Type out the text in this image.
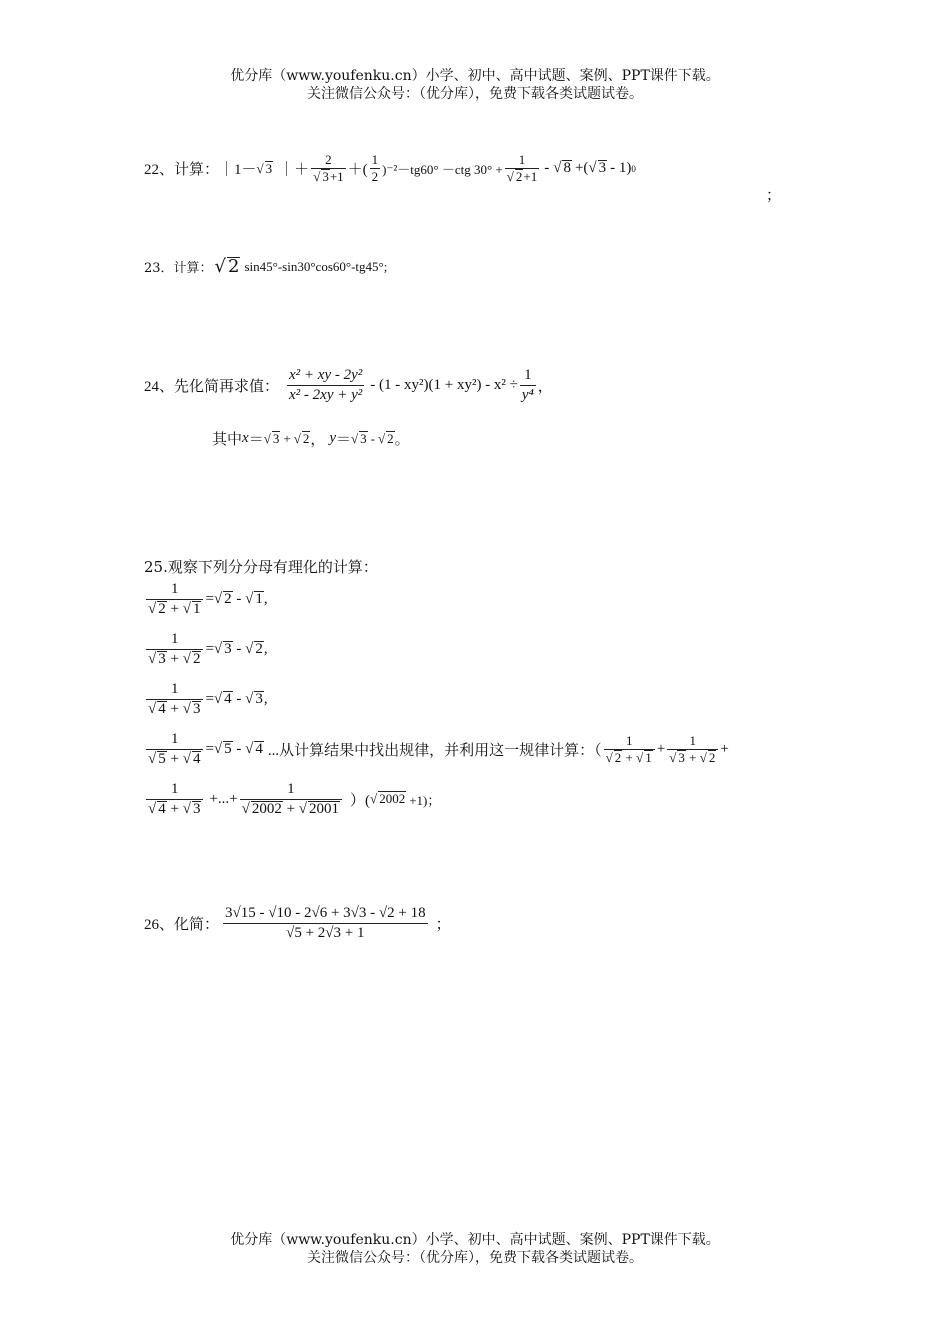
优分库（www.youfenku.cn）小学、初中、高中试题、案例、PPT课件下载。
关注微信公众号：（优分库），免费下载各类试题试卷。
22、计算： ｜1－ √ 3 ｜＋ $\frac{2}{√ 3+1}$ ＋( $\frac{1}{2} )^{-2}-tg60^\circ -ctg$ $30^\circ + \frac{1}{√ 2+1}$ - √ 8 +( √ 3 - 1) 0
；
23．计算： √ 2 sin45°-sin30°cos60°-tg45°;
24、先化简再求值： $\frac{\text{x² + xy - 2y²}}{\text{x² - 2xy + y²}} - (1 - xy^2)(1 + xy^2) - x^2 \div \frac{1}{\text{y⁴}}$ ，
其中 x ＝ √ 3 + √ 2 ， y ＝ √ 3 - √ 2 。
25.观察下列分分母有理化的计算：
$\frac{1}{√ 2 + √ 1}$ =√ 2 - √ 1 ,
$\frac{1}{√ 3 + √ 2}$ =√ 3 - √ 2 ,
$\frac{1}{√ 4 + √ 3}$ =√ 4 - √ 3 ,
$\frac{1}{√ 5 + √ 4}$ =√ 5 - √ 4 ...从计算结果中找出规律，并利用这一规律计算：（ $\frac{1}{√ 2 + √ 1} + \frac{1}{√ 3 + √ 2}$ +
$\frac{1}{√ 4 + √ 3}$ +...+ $\frac{1}{√ 2002 + √ 2001}$ ）( √ 2002 +1)；
26、化简： $\frac{3√15 - √10 - 2√6 + 3√3 - √2 + 18}{√5 + 2√3 + 1}$ ；
优分库（www.youfenku.cn）小学、初中、高中试题、案例、PPT课件下载。
关注微信公众号：（优分库），免费下载各类试题试卷。
